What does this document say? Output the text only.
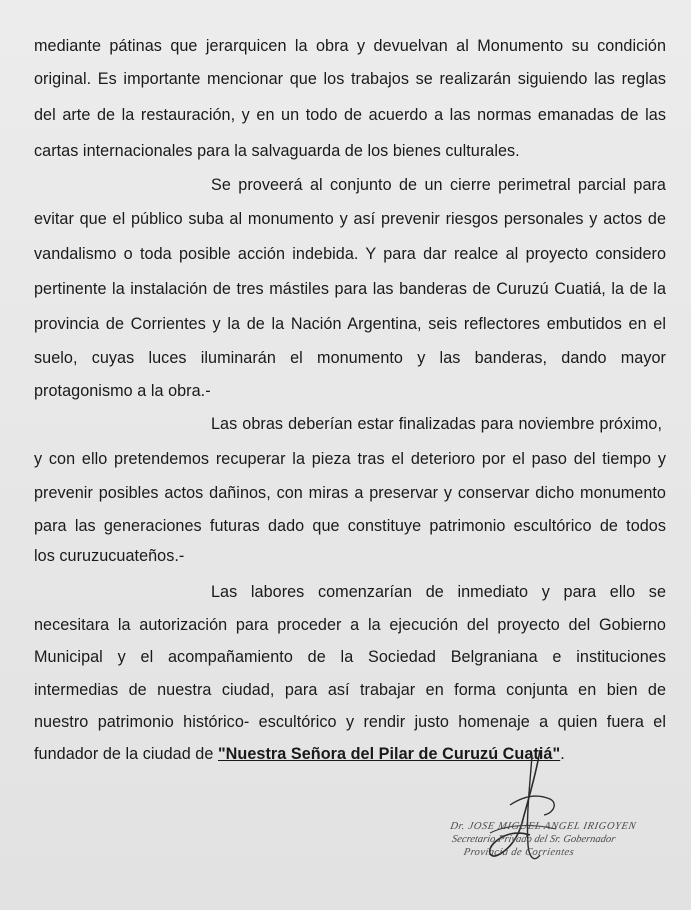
mediante pátinas que jerarquicen la obra y devuelvan al Monumento su condición
original. Es importante mencionar que los trabajos se realizarán siguiendo las reglas
del arte de la restauración, y en un todo de acuerdo a las normas emanadas de las
cartas internacionales para la salvaguarda de los bienes culturales.
Se proveerá al conjunto de un cierre perimetral parcial para
evitar que el público suba al monumento y así prevenir riesgos personales y actos de
vandalismo o toda posible acción indebida. Y para dar realce al proyecto considero
pertinente la instalación de tres mástiles para las banderas de Curuzú Cuatiá, la de la
provincia de Corrientes y la de la Nación Argentina, seis reflectores embutidos en el
suelo, cuyas luces iluminarán el monumento y las banderas, dando mayor
protagonismo a la obra.-
Las obras deberían estar finalizadas para noviembre próximo,
y con ello pretendemos recuperar la pieza tras el deterioro por el paso del tiempo y
prevenir posibles actos dañinos, con miras a preservar y conservar dicho monumento
para las generaciones futuras dado que constituye patrimonio escultórico de todos
los curuzucuateños.-
Las labores comenzarían de inmediato y para ello se
necesitara la autorización para proceder a la ejecución del proyecto del Gobierno
Municipal y el acompañamiento de la Sociedad Belgraniana e instituciones
intermedias de nuestra ciudad, para así trabajar en forma conjunta en bien de
nuestro patrimonio histórico- escultórico y rendir justo homenaje a quien fuera el
fundador de la ciudad de "Nuestra Señora del Pilar de Curuzú Cuatiá".
Dr. JOSE MIGUEL ANGEL IRIGOYEN
Secretario Privado del Sr. Gobernador
Provincia de Corrientes
